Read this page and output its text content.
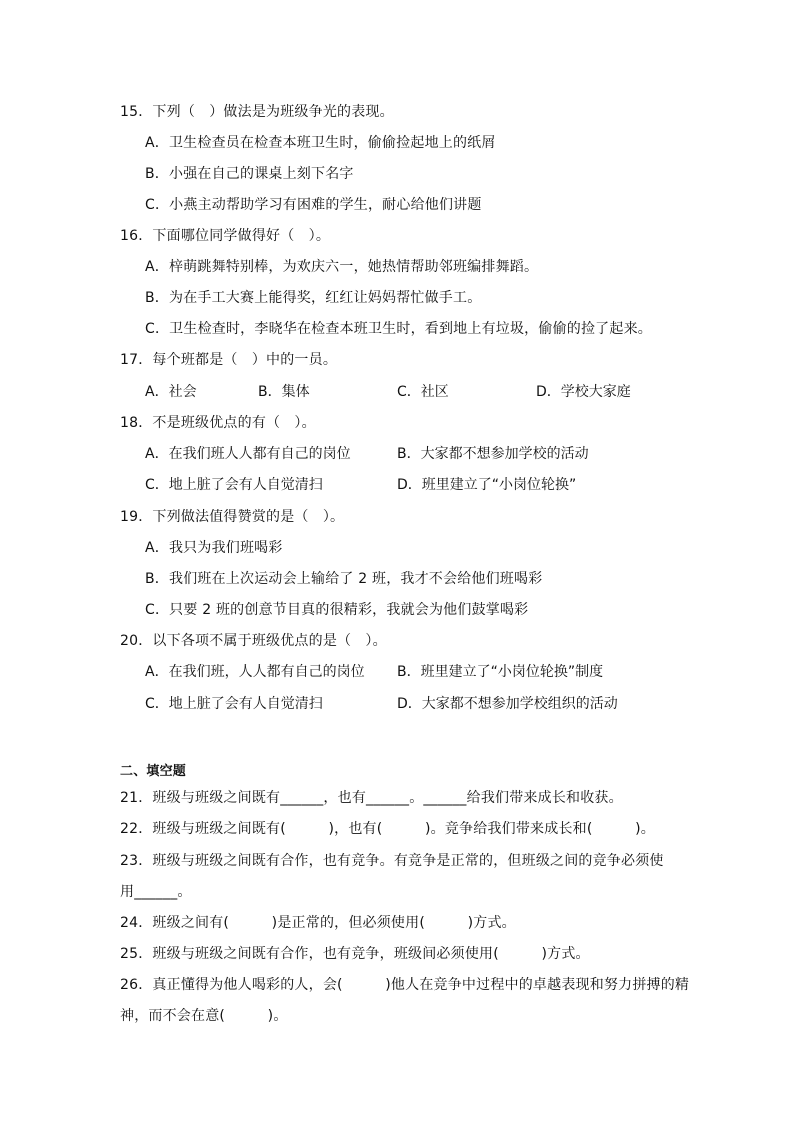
15．下列（　）做法是为班级争光的表现。
A．卫生检查员在检查本班卫生时，偷偷捡起地上的纸屑
B．小强在自己的课桌上刻下名字
C．小燕主动帮助学习有困难的学生，耐心给他们讲题
16．下面哪位同学做得好（　）。
A．梓萌跳舞特别棒，为欢庆六一，她热情帮助邻班编排舞蹈。
B．为在手工大赛上能得奖，红红让妈妈帮忙做手工。
C．卫生检查时，李晓华在检查本班卫生时，看到地上有垃圾，偷偷的捡了起来。
17．每个班都是（　）中的一员。
A．社会	B．集体	C．社区	D．学校大家庭
18．不是班级优点的有（　）。
A．在我们班人人都有自己的岗位	B．大家都不想参加学校的活动
C．地上脏了会有人自觉清扫	D．班里建立了“小岗位轮换”
19．下列做法值得赞赏的是（　）。
A．我只为我们班喝彩
B．我们班在上次运动会上输给了 2 班，我才不会给他们班喝彩
C．只要 2 班的创意节目真的很精彩，我就会为他们鼓掌喝彩
20．以下各项不属于班级优点的是（　）。
A．在我们班，人人都有自己的岗位 B．班里建立了“小岗位轮换”制度
C．地上脏了会有人自觉清扫	D．大家都不想参加学校组织的活动
二、填空题
21．班级与班级之间既有______，也有______。______给我们带来成长和收获。
22．班级与班级之间既有(　　　)，也有(　　　)。竞争给我们带来成长和(　　　)。
23．班级与班级之间既有合作，也有竞争。有竞争是正常的，但班级之间的竞争必须使
用______。
24．班级之间有(　　　)是正常的，但必须使用(　　　)方式。
25．班级与班级之间既有合作，也有竞争，班级间必须使用(　　　)方式。
26．真正懂得为他人喝彩的人，会(　　　)他人在竞争中过程中的卓越表现和努力拼搏的精
神，而不会在意(　　　)。
